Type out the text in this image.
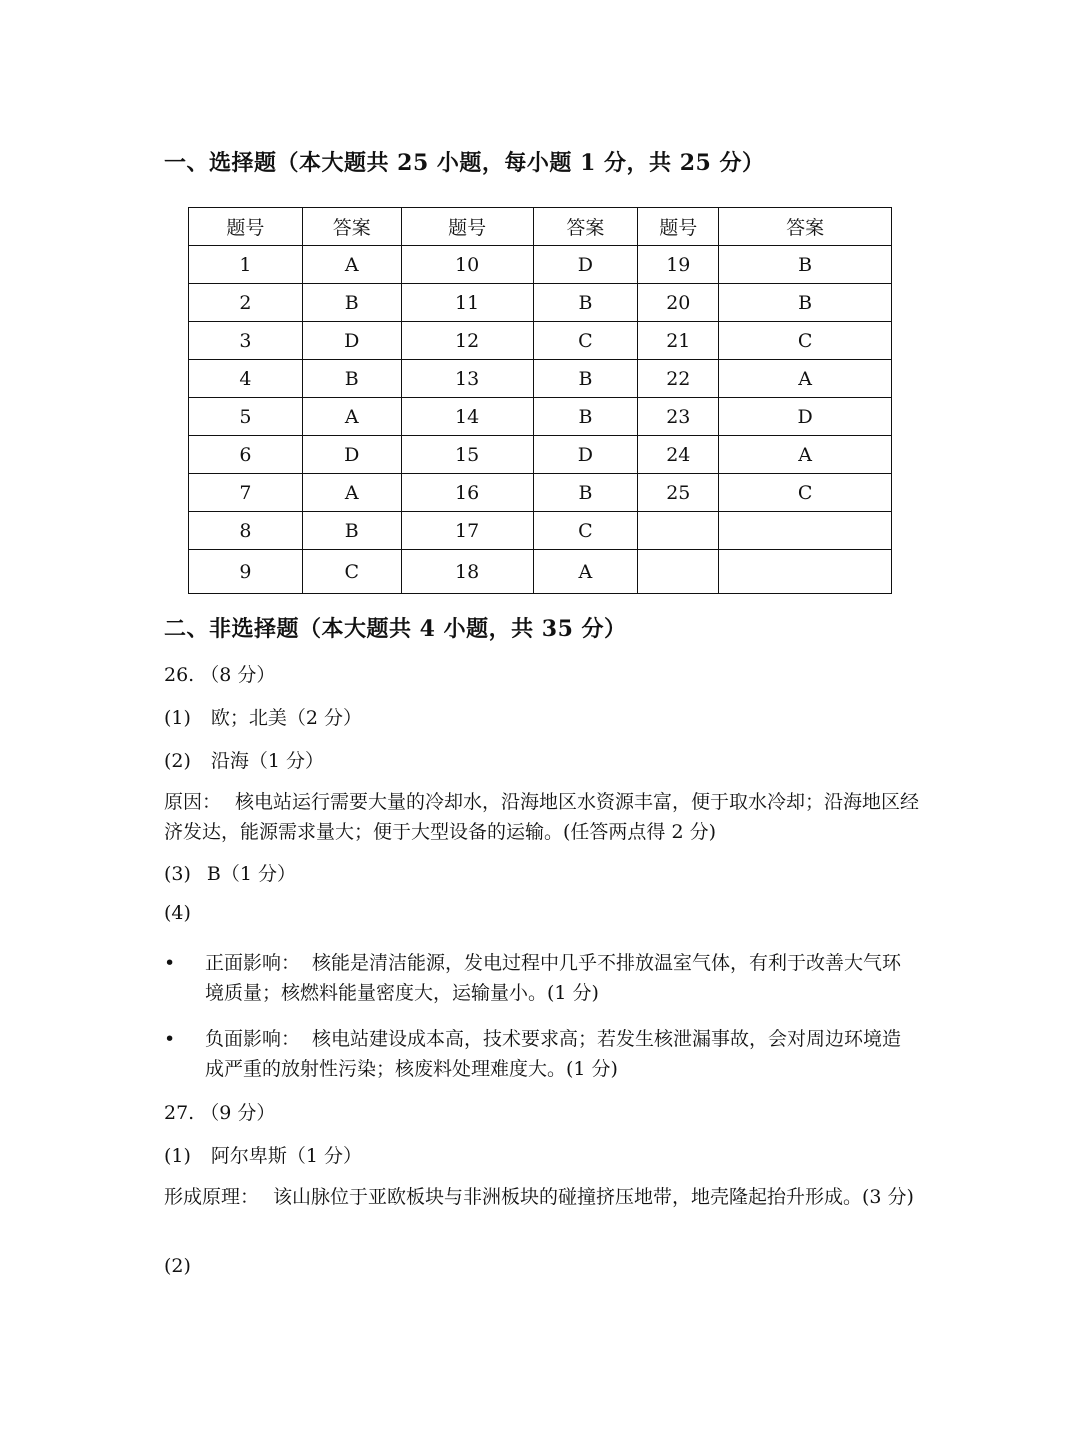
一、选择题（本大题共 25 小题，每小题 1 分，共 25 分）
题号	答案	题号	答案	题号	答案
1	A	10	D	19	B
2	B	11	B	20	B
3	D	12	C	21	C
4	B	13	B	22	A
5	A	14	B	23	D
6	D	15	D	24	A
7	A	16	B	25	C
8	B	17	C		
9	C	18	A		
二、非选择题（本大题共 4 小题，共 35 分）
26. （8 分）
(1) 欧；北美（2 分）
(2) 沿海（1 分）
原因： 核电站运行需要大量的冷却水，沿海地区水资源丰富，便于取水冷却；沿海地区经济发达，能源需求量大；便于大型设备的运输。(任答两点得 2 分)
(3) B（1 分）
(4)
• 正面影响： 核能是清洁能源，发电过程中几乎不排放温室气体，有利于改善大气环境质量；核燃料能量密度大，运输量小。(1 分)
• 负面影响： 核电站建设成本高，技术要求高；若发生核泄漏事故，会对周边环境造成严重的放射性污染；核废料处理难度大。(1 分)
27. （9 分）
(1) 阿尔卑斯（1 分）
形成原理： 该山脉位于亚欧板块与非洲板块的碰撞挤压地带，地壳隆起抬升形成。(3 分)
(2)
